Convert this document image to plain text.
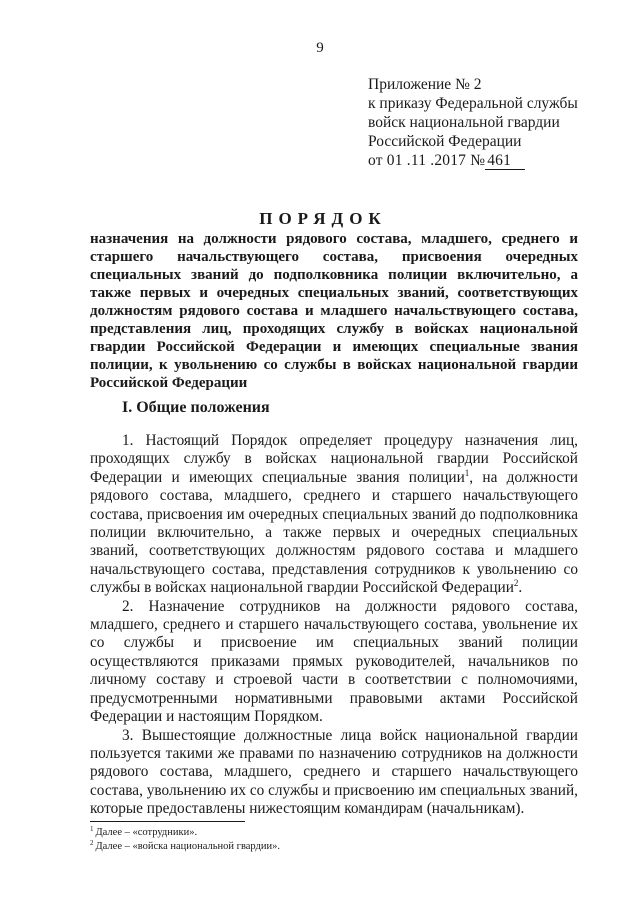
9
Приложение № 2
к приказу Федеральной службы
войск национальной гвардии
Российской Федерации
от 01 .11 .2017 № 461
ПОРЯДОК
назначения на должности рядового состава, младшего, среднего и старшего начальствующего состава, присвоения очередных специальных званий до подполковника полиции включительно, а также первых и очередных специальных званий, соответствующих должностям рядового состава и младшего начальствующего состава, представления лиц, проходящих службу в войсках национальной гвардии Российской Федерации и имеющих специальные звания полиции, к увольнению со службы в войсках национальной гвардии Российской Федерации
I. Общие положения

1. Настоящий Порядок определяет процедуру назначения лиц, проходящих службу в войсках национальной гвардии Российской Федерации и имеющих специальные звания полиции$^1$, на должности рядового состава, младшего, среднего и старшего начальствующего состава, присвоения им очередных специальных званий до подполковника полиции включительно, а также первых и очередных специальных званий, соответствующих должностям рядового состава и младшего начальствующего состава, представления сотрудников к увольнению со службы в войсках национальной гвардии Российской Федерации$^2$.

2. Назначение сотрудников на должности рядового состава, младшего, среднего и старшего начальствующего состава, увольнение их со службы и присвоение им специальных званий полиции осуществляются приказами прямых руководителей, начальников по личному составу и строевой части в соответствии с полномочиями, предусмотренными нормативными правовыми актами Российской Федерации и настоящим Порядком.

3. Вышестоящие должностные лица войск национальной гвардии пользуется такими же правами по назначению сотрудников на должности рядового состава, младшего, среднего и старшего начальствующего состава, увольнению их со службы и присвоению им специальных званий, которые предоставлены нижестоящим командирам (начальникам).

$^1$ Далее – «сотрудники».
$^2$ Далее – «войска национальной гвардии».
